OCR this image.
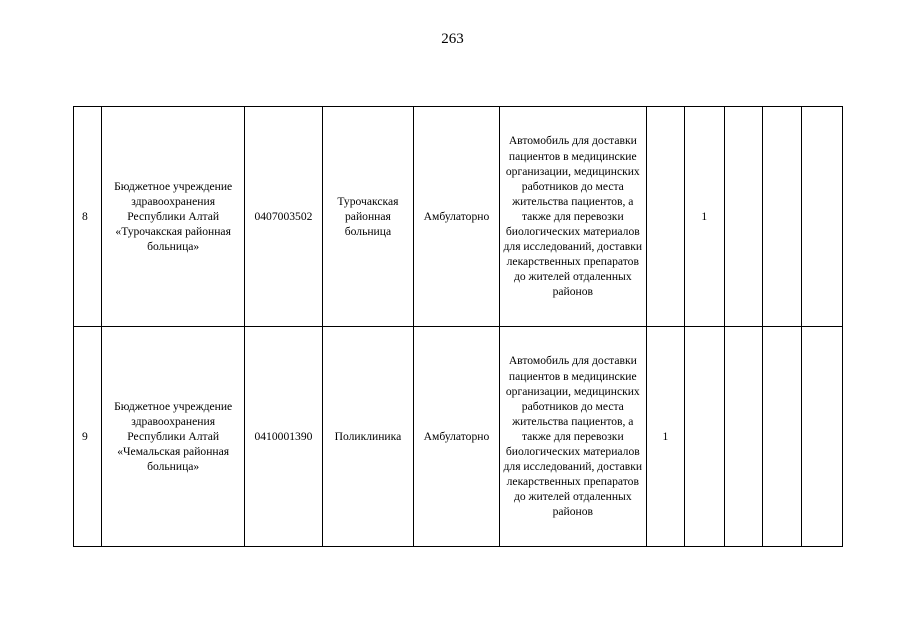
263
8	Бюджетное учреждение здравоохранения Республики Алтай «Турочакская районная больница»	0407003502	Турочакская районная больница	Амбулаторно	Автомобиль для доставки пациентов в медицинские организации, медицинских работников до места жительства пациентов, а также для перевозки биологических материалов для исследований, доставки лекарственных препаратов до жителей отдаленных районов		1			
9	Бюджетное учреждение здравоохранения Республики Алтай «Чемальская районная больница»	0410001390	Поликлиника	Амбулаторно	Автомобиль для доставки пациентов в медицинские организации, медицинских работников до места жительства пациентов, а также для перевозки биологических материалов для исследований, доставки лекарственных препаратов до жителей отдаленных районов	1				
